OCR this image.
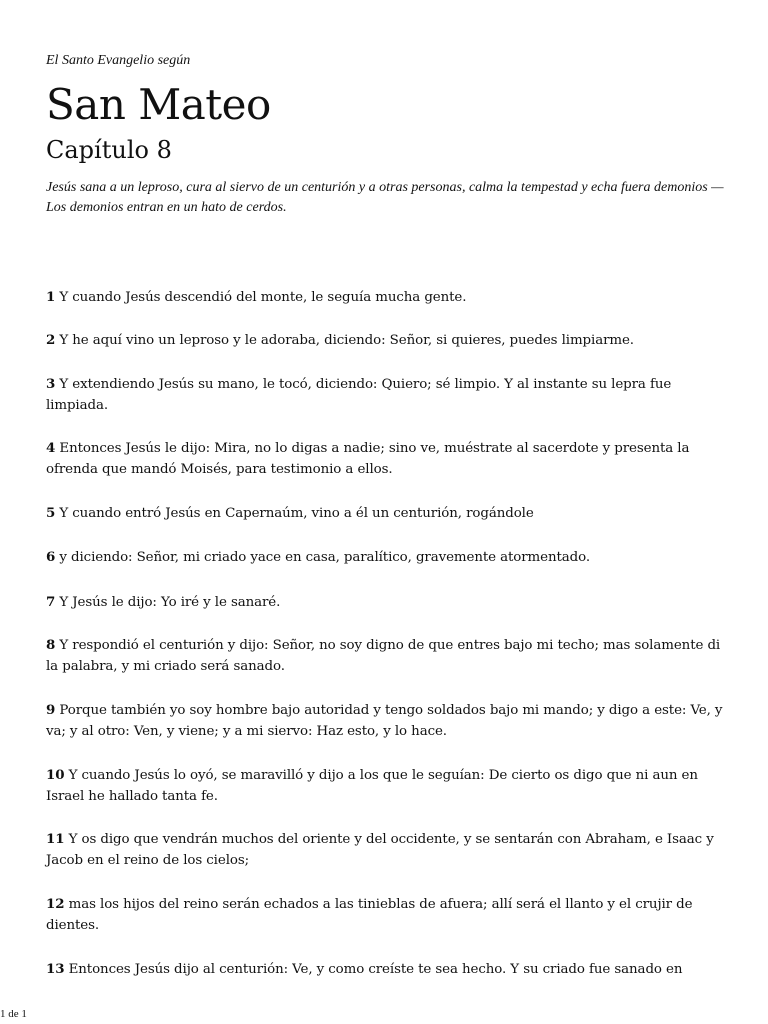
El Santo Evangelio según
San Mateo
Capítulo 8
Jesús sana a un leproso, cura al siervo de un centurión y a otras personas, calma la tempestad y echa fuera demonios — Los demonios entran en un hato de cerdos.
1 Y cuando Jesús descendió del monte, le seguía mucha gente.
2 Y he aquí vino un leproso y le adoraba, diciendo: Señor, si quieres, puedes limpiarme.
3 Y extendiendo Jesús su mano, le tocó, diciendo: Quiero; sé limpio. Y al instante su lepra fue limpiada.
4 Entonces Jesús le dijo: Mira, no lo digas a nadie; sino ve, muéstrate al sacerdote y presenta la ofrenda que mandó Moisés, para testimonio a ellos.
5 Y cuando entró Jesús en Capernaúm, vino a él un centurión, rogándole
6 y diciendo: Señor, mi criado yace en casa, paralítico, gravemente atormentado.
7 Y Jesús le dijo: Yo iré y le sanaré.
8 Y respondió el centurión y dijo: Señor, no soy digno de que entres bajo mi techo; mas solamente di la palabra, y mi criado será sanado.
9 Porque también yo soy hombre bajo autoridad y tengo soldados bajo mi mando; y digo a este: Ve, y va; y al otro: Ven, y viene; y a mi siervo: Haz esto, y lo hace.
10 Y cuando Jesús lo oyó, se maravilló y dijo a los que le seguían: De cierto os digo que ni aun en Israel he hallado tanta fe.
11 Y os digo que vendrán muchos del oriente y del occidente, y se sentarán con Abraham, e Isaac y Jacob en el reino de los cielos;
12 mas los hijos del reino serán echados a las tinieblas de afuera; allí será el llanto y el crujir de dientes.
13 Entonces Jesús dijo al centurión: Ve, y como creíste te sea hecho. Y su criado fue sanado en
1 de 1
